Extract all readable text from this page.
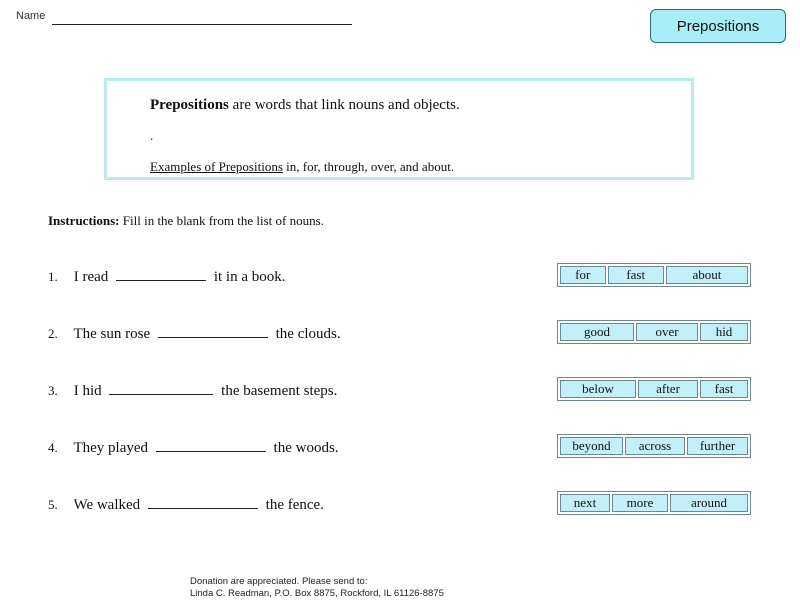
Name
Prepositions
Prepositions are words that link nouns and objects.
.
Examples of Prepositions in, for, through, over, and about.
Instructions: Fill in the blank from the list of nouns.
1. I read	it in a book.	for	fast	about
2. The sun rose	the clouds.	good	over	hid
3. I hid	the basement steps.	below	after	fast
4. They played	the woods.	beyond	across	further
5. We walked	the fence.	next	more	around
Donation are appreciated. Please send to:
Linda C. Readman, P.O. Box 8875, Rockford, IL 61126-8875
